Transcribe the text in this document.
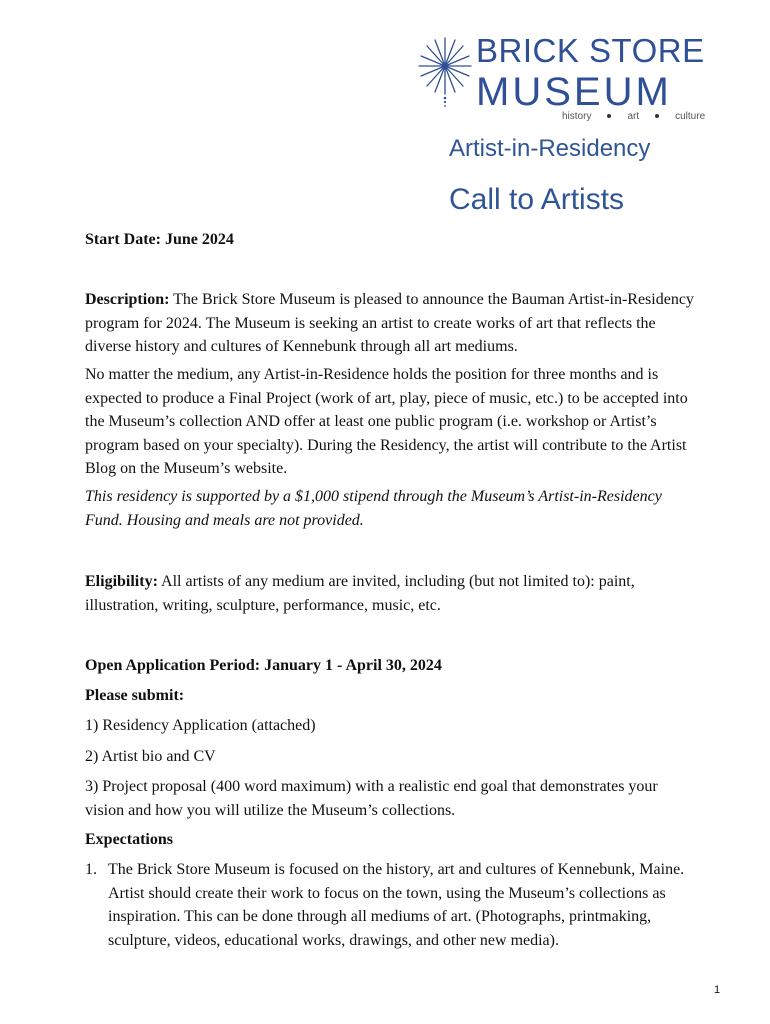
BRICK STORE
MUSEUM
history	art	culture
Artist-in-Residency
Call to Artists
Start Date: June 2024
Description: The Brick Store Museum is pleased to announce the Bauman Artist-in-Residency program for 2024. The Museum is seeking an artist to create works of art that reflects the diverse history and cultures of Kennebunk through all art mediums.
No matter the medium, any Artist-in-Residence holds the position for three months and is expected to produce a Final Project (work of art, play, piece of music, etc.) to be accepted into the Museum’s collection AND offer at least one public program (i.e. workshop or Artist’s program based on your specialty). During the Residency, the artist will contribute to the Artist Blog on the Museum’s website.
This residency is supported by a $1,000 stipend through the Museum’s Artist-in-Residency Fund. Housing and meals are not provided.
Eligibility: All artists of any medium are invited, including (but not limited to): paint, illustration, writing, sculpture, performance, music, etc.
Open Application Period: January 1 - April 30, 2024
Please submit:
1) Residency Application (attached)
2) Artist bio and CV
3) Project proposal (400 word maximum) with a realistic end goal that demonstrates your vision and how you will utilize the Museum’s collections.
Expectations
1. The Brick Store Museum is focused on the history, art and cultures of Kennebunk, Maine. Artist should create their work to focus on the town, using the Museum’s collections as inspiration. This can be done through all mediums of art. (Photographs, printmaking, sculpture, videos, educational works, drawings, and other new media).
1
